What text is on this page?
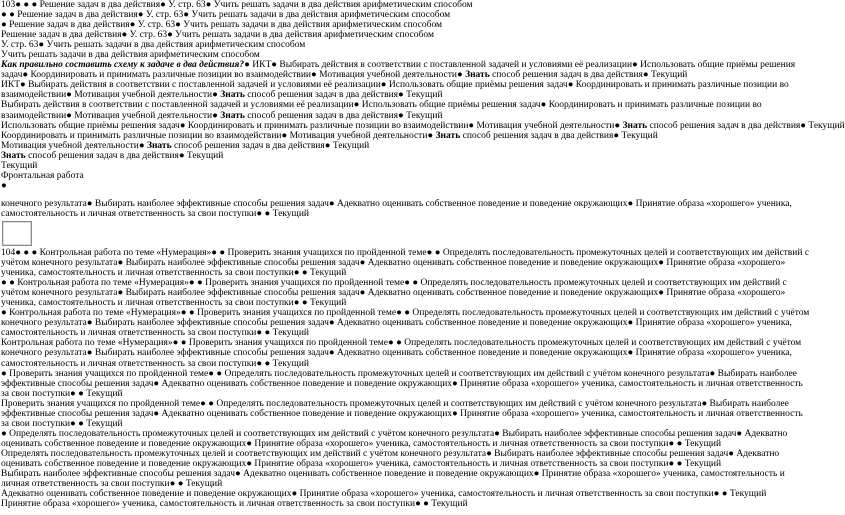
103● ● ● Решение задач в два действия● У. стр. 63● Учить решать задачи в два действия арифметическим способом
● ● Решение задач в два действия● У. стр. 63● Учить решать задачи в два действия арифметическим способом
● Решение задач в два действия● У. стр. 63● Учить решать задачи в два действия арифметическим способом
Решение задач в два действия● У. стр. 63● Учить решать задачи в два действия арифметическим способом
У. стр. 63● Учить решать задачи в два действия арифметическим способом
Учить решать задачи в два действия арифметическим способом
Как правильно составить схему к задаче в два действия?● ИКТ● Выбирать действия в соответствии с поставленной задачей и условиями её реализации● Использовать общие приёмы решения
задач● Координировать и принимать различные позиции во взаимодействии● Мотивация учебной деятельности● Знать способ решения задач в два действия● Текущий
ИКТ● Выбирать действия в соответствии с поставленной задачей и условиями её реализации● Использовать общие приёмы решения задач● Координировать и принимать различные позиции во
взаимодействии● Мотивация учебной деятельности● Знать способ решения задач в два действия● Текущий
Выбирать действия в соответствии с поставленной задачей и условиями её реализации● Использовать общие приёмы решения задач● Координировать и принимать различные позиции во
взаимодействии● Мотивация учебной деятельности● Знать способ решения задач в два действия● Текущий
Использовать общие приёмы решения задач● Координировать и принимать различные позиции во взаимодействии● Мотивация учебной деятельности● Знать способ решения задач в два действия● Текущий
Координировать и принимать различные позиции во взаимодействии● Мотивация учебной деятельности● Знать способ решения задач в два действия● Текущий
Мотивация учебной деятельности● Знать способ решения задач в два действия● Текущий
Знать способ решения задач в два действия● Текущий
Текущий
Фронтальная работа
●
конечного результата● Выбирать наиболее эффективные способы решения задач● Адекватно оценивать собственное поведение и поведение окружающих● Принятие образа «хорошего» ученика, самостоятельность и личная ответственность за свои поступки● ● Текущий
104● ● ● Контрольная работа по теме «Нумерация»● ● Проверить знания учащихся по пройденной теме● ● Определять последовательность промежуточных целей и соответствующих им действий с учётом конечного результата● Выбирать наиболее эффективные способы решения задач● Адекватно оценивать собственное поведение и поведение окружающих● Принятие образа «хорошего» ученика, самостоятельность и личная ответственность за свои поступки● ● Текущий
● ● Контрольная работа по теме «Нумерация»● ● Проверить знания учащихся по пройденной теме● ● Определять последовательность промежуточных целей и соответствующих им действий с учётом конечного результата● Выбирать наиболее эффективные способы решения задач● Адекватно оценивать собственное поведение и поведение окружающих● Принятие образа «хорошего» ученика, самостоятельность и личная ответственность за свои поступки● ● Текущий
● Контрольная работа по теме «Нумерация»● ● Проверить знания учащихся по пройденной теме● ● Определять последовательность промежуточных целей и соответствующих им действий с учётом конечного результата● Выбирать наиболее эффективные способы решения задач● Адекватно оценивать собственное поведение и поведение окружающих● Принятие образа «хорошего» ученика, самостоятельность и личная ответственность за свои поступки● ● Текущий
Контрольная работа по теме «Нумерация»● ● Проверить знания учащихся по пройденной теме● ● Определять последовательность промежуточных целей и соответствующих им действий с учётом конечного результата● Выбирать наиболее эффективные способы решения задач● Адекватно оценивать собственное поведение и поведение окружающих● Принятие образа «хорошего» ученика, самостоятельность и личная ответственность за свои поступки● ● Текущий
● Проверить знания учащихся по пройденной теме● ● Определять последовательность промежуточных целей и соответствующих им действий с учётом конечного результата● Выбирать наиболее эффективные способы решения задач● Адекватно оценивать собственное поведение и поведение окружающих● Принятие образа «хорошего» ученика, самостоятельность и личная ответственность за свои поступки● ● Текущий
Проверить знания учащихся по пройденной теме● ● Определять последовательность промежуточных целей и соответствующих им действий с учётом конечного результата● Выбирать наиболее эффективные способы решения задач● Адекватно оценивать собственное поведение и поведение окружающих● Принятие образа «хорошего» ученика, самостоятельность и личная ответственность за свои поступки● ● Текущий
● Определять последовательность промежуточных целей и соответствующих им действий с учётом конечного результата● Выбирать наиболее эффективные способы решения задач● Адекватно оценивать собственное поведение и поведение окружающих● Принятие образа «хорошего» ученика, самостоятельность и личная ответственность за свои поступки● ● Текущий
Определять последовательность промежуточных целей и соответствующих им действий с учётом конечного результата● Выбирать наиболее эффективные способы решения задач● Адекватно оценивать собственное поведение и поведение окружающих● Принятие образа «хорошего» ученика, самостоятельность и личная ответственность за свои поступки● ● Текущий
Выбирать наиболее эффективные способы решения задач● Адекватно оценивать собственное поведение и поведение окружающих● Принятие образа «хорошего» ученика, самостоятельность и личная ответственность за свои поступки● ● Текущий
Адекватно оценивать собственное поведение и поведение окружающих● Принятие образа «хорошего» ученика, самостоятельность и личная ответственность за свои поступки● ● Текущий
Принятие образа «хорошего» ученика, самостоятельность и личная ответственность за свои поступки● ● Текущий
